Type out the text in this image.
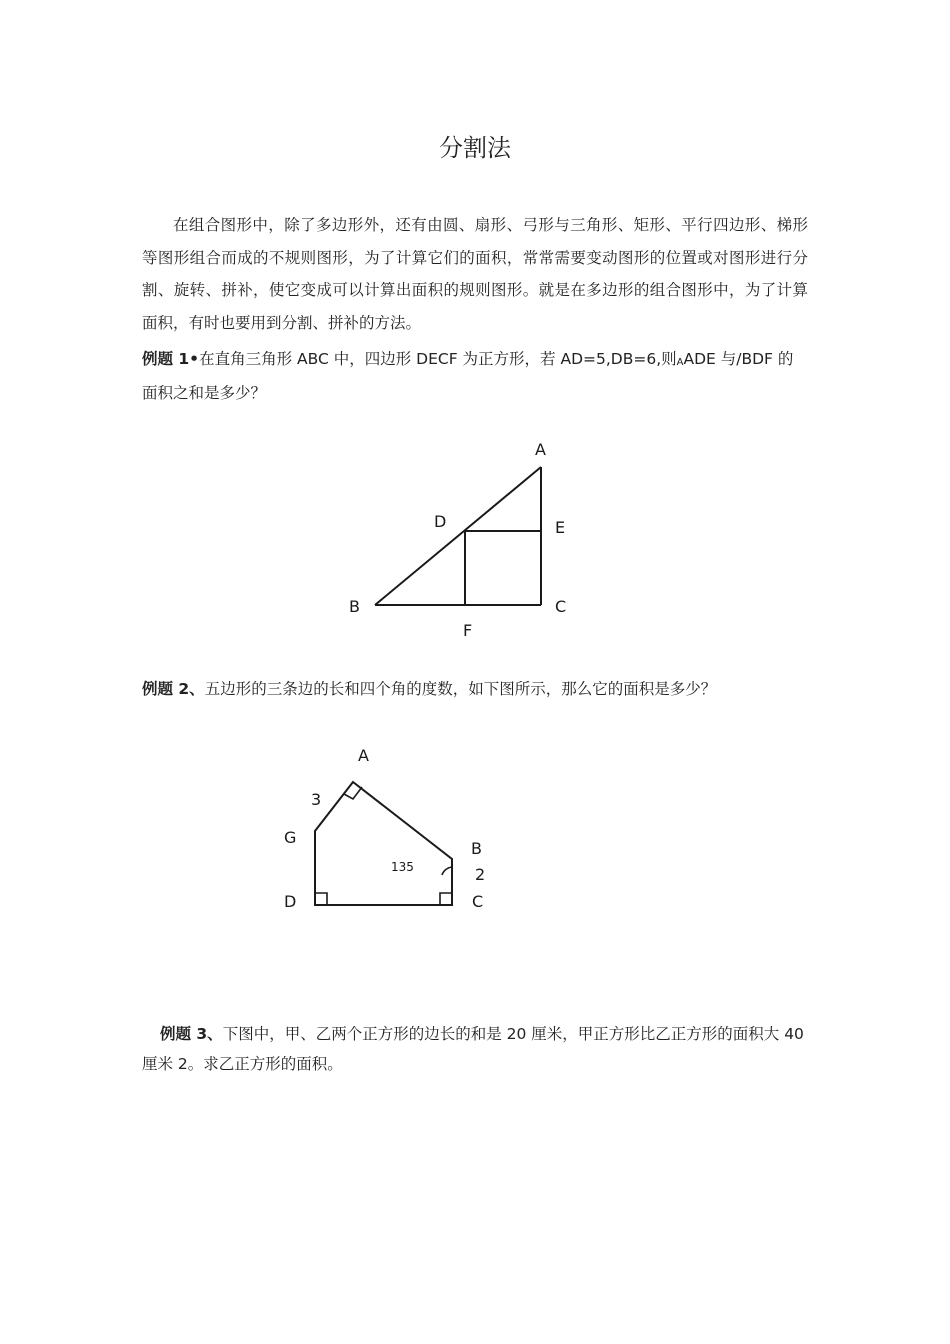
分割法

在组合图形中，除了多边形外，还有由圆、扇形、弓形与三角形、矩形、平行四边形、梯形等图形组合而成的不规则图形，为了计算它们的面积，常常需要变动图形的位置或对图形进行分割、旋转、拼补，使它变成可以计算出面积的规则图形。就是在多边形的组合图形中，为了计算面积，有时也要用到分割、拼补的方法。

例题 1•在直角三角形 ABC 中，四边形 DECF 为正方形，若 AD=5,DB=6,则AADE 与/BDF 的面积之和是多少？
A
B	C
D	E
F
例题 2、五边形的三条边的长和四个角的度数，如下图所示，那么它的面积是多少？
A
G
B
D	C
3
2
135
例题 3、下图中，甲、乙两个正方形的边长的和是 20 厘米，甲正方形比乙正方形的面积大 40 厘米 2。求乙正方形的面积。
